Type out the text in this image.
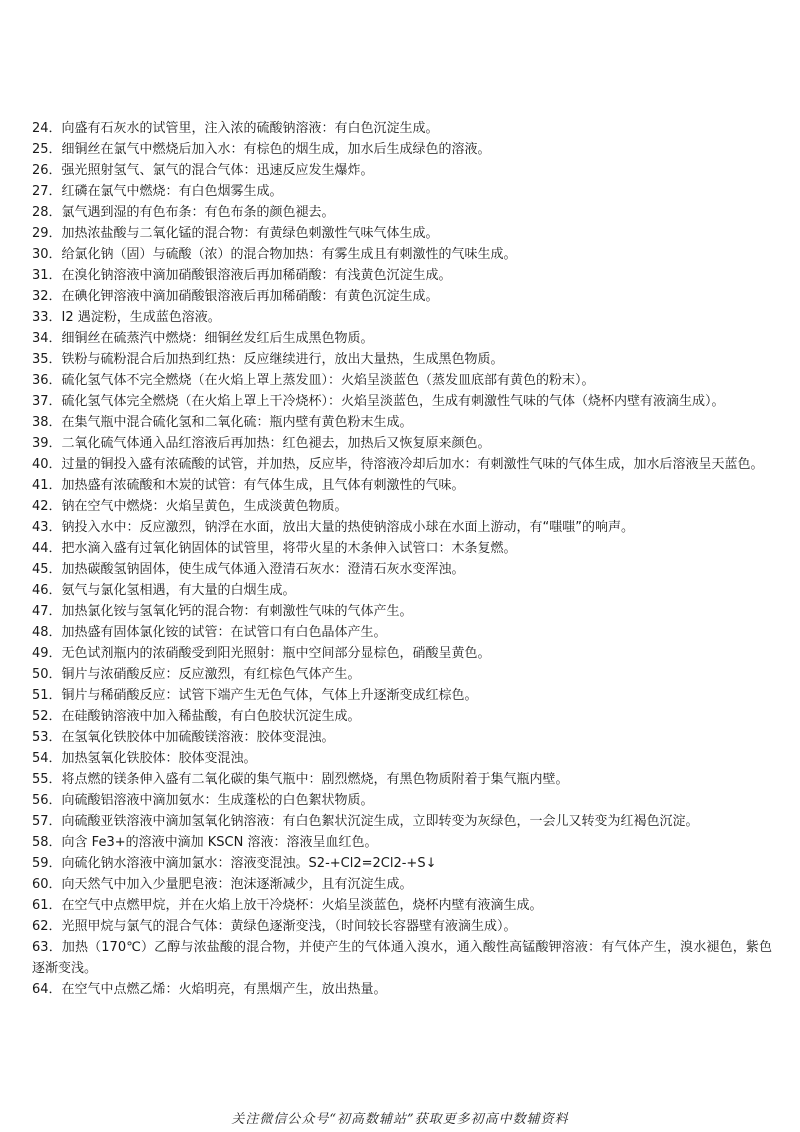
24．向盛有石灰水的试管里，注入浓的硫酸钠溶液：有白色沉淀生成。

25．细铜丝在氯气中燃烧后加入水：有棕色的烟生成，加水后生成绿色的溶液。

26．强光照射氢气、氯气的混合气体：迅速反应发生爆炸。

27．红磷在氯气中燃烧：有白色烟雾生成。

28．氯气遇到湿的有色布条：有色布条的颜色褪去。

29．加热浓盐酸与二氧化锰的混合物：有黄绿色刺激性气味气体生成。

30．给氯化钠（固）与硫酸（浓）的混合物加热：有雾生成且有刺激性的气味生成。

31．在溴化钠溶液中滴加硝酸银溶液后再加稀硝酸：有浅黄色沉淀生成。

32．在碘化钾溶液中滴加硝酸银溶液后再加稀硝酸：有黄色沉淀生成。

33．I2 遇淀粉，生成蓝色溶液。

34．细铜丝在硫蒸汽中燃烧：细铜丝发红后生成黑色物质。

35．铁粉与硫粉混合后加热到红热：反应继续进行，放出大量热，生成黑色物质。

36．硫化氢气体不完全燃烧（在火焰上罩上蒸发皿）：火焰呈淡蓝色（蒸发皿底部有黄色的粉末）。

37．硫化氢气体完全燃烧（在火焰上罩上干冷烧杯）：火焰呈淡蓝色，生成有刺激性气味的气体（烧杯内壁有液滴生成）。

38．在集气瓶中混合硫化氢和二氧化硫：瓶内壁有黄色粉末生成。

39．二氧化硫气体通入品红溶液后再加热：红色褪去，加热后又恢复原来颜色。

40．过量的铜投入盛有浓硫酸的试管，并加热，反应毕，待溶液冷却后加水：有刺激性气味的气体生成，加水后溶液呈天蓝色。

41．加热盛有浓硫酸和木炭的试管：有气体生成，且气体有刺激性的气味。

42．钠在空气中燃烧：火焰呈黄色，生成淡黄色物质。

43．钠投入水中：反应激烈，钠浮在水面，放出大量的热使钠溶成小球在水面上游动，有“嗤嗤”的响声。

44．把水滴入盛有过氧化钠固体的试管里，将带火星的木条伸入试管口：木条复燃。

45．加热碳酸氢钠固体，使生成气体通入澄清石灰水：澄清石灰水变浑浊。

46．氨气与氯化氢相遇，有大量的白烟生成。

47．加热氯化铵与氢氧化钙的混合物：有刺激性气味的气体产生。

48．加热盛有固体氯化铵的试管：在试管口有白色晶体产生。

49．无色试剂瓶内的浓硝酸受到阳光照射：瓶中空间部分显棕色，硝酸呈黄色。

50．铜片与浓硝酸反应：反应激烈，有红棕色气体产生。

51．铜片与稀硝酸反应：试管下端产生无色气体，气体上升逐渐变成红棕色。

52．在硅酸钠溶液中加入稀盐酸，有白色胶状沉淀生成。

53．在氢氧化铁胶体中加硫酸镁溶液：胶体变混浊。

54．加热氢氧化铁胶体：胶体变混浊。

55．将点燃的镁条伸入盛有二氧化碳的集气瓶中：剧烈燃烧，有黑色物质附着于集气瓶内壁。

56．向硫酸铝溶液中滴加氨水：生成蓬松的白色絮状物质。

57．向硫酸亚铁溶液中滴加氢氧化钠溶液：有白色絮状沉淀生成，立即转变为灰绿色，一会儿又转变为红褐色沉淀。

58．向含 Fe3+的溶液中滴加 KSCN 溶液：溶液呈血红色。

59．向硫化钠水溶液中滴加氯水：溶液变混浊。S2-+Cl2=2Cl2-+S↓

60．向天然气中加入少量肥皂液：泡沫逐渐减少，且有沉淀生成。

61．在空气中点燃甲烷，并在火焰上放干冷烧杯：火焰呈淡蓝色，烧杯内壁有液滴生成。

62．光照甲烷与氯气的混合气体：黄绿色逐渐变浅，（时间较长容器壁有液滴生成）。

63．加热（170℃）乙醇与浓盐酸的混合物，并使产生的气体通入溴水，通入酸性高锰酸钾溶液：有气体产生，溴水褪色，紫色逐渐变浅。

64．在空气中点燃乙烯：火焰明亮，有黑烟产生，放出热量。

关注微信公众号“初高数辅站”获取更多初高中数辅资料
